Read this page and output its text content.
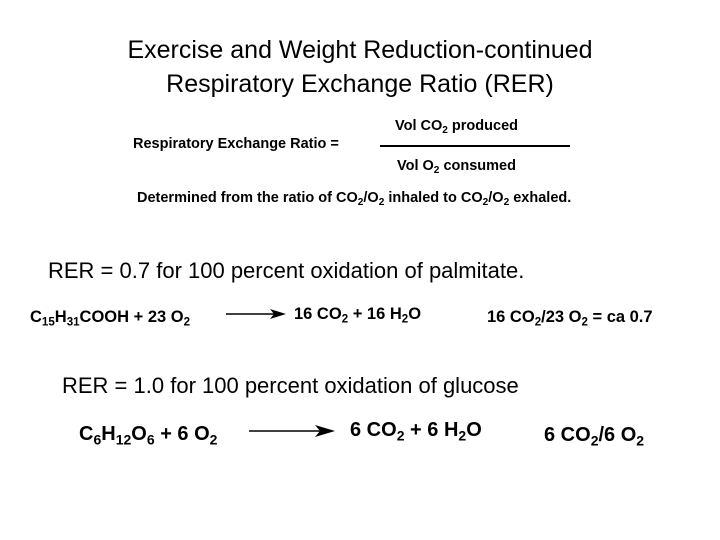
Exercise and Weight Reduction-continued
Respiratory Exchange Ratio (RER)
Respiratory Exchange Ratio =
Vol $CO_2$ produced
Vol $O_2$ consumed
Determined from the ratio of $CO_2/O_2$ inhaled to $CO_2/O_2$ exhaled.
RER = 0.7 for 100 percent oxidation of palmitate.
$C_{15}H_{31}COOH + 23$ $O_2$	16 $CO_2 + 16$ $H_2O$	16 $CO_2/23$ $O_2$ = ca 0.7
RER = 1.0 for 100 percent oxidation of glucose
$C_6H_{12}O_6 + 6$ $O_2$	6 $CO_2 + 6$ $H_2O$	6 $CO_2/6$ $O_2$
